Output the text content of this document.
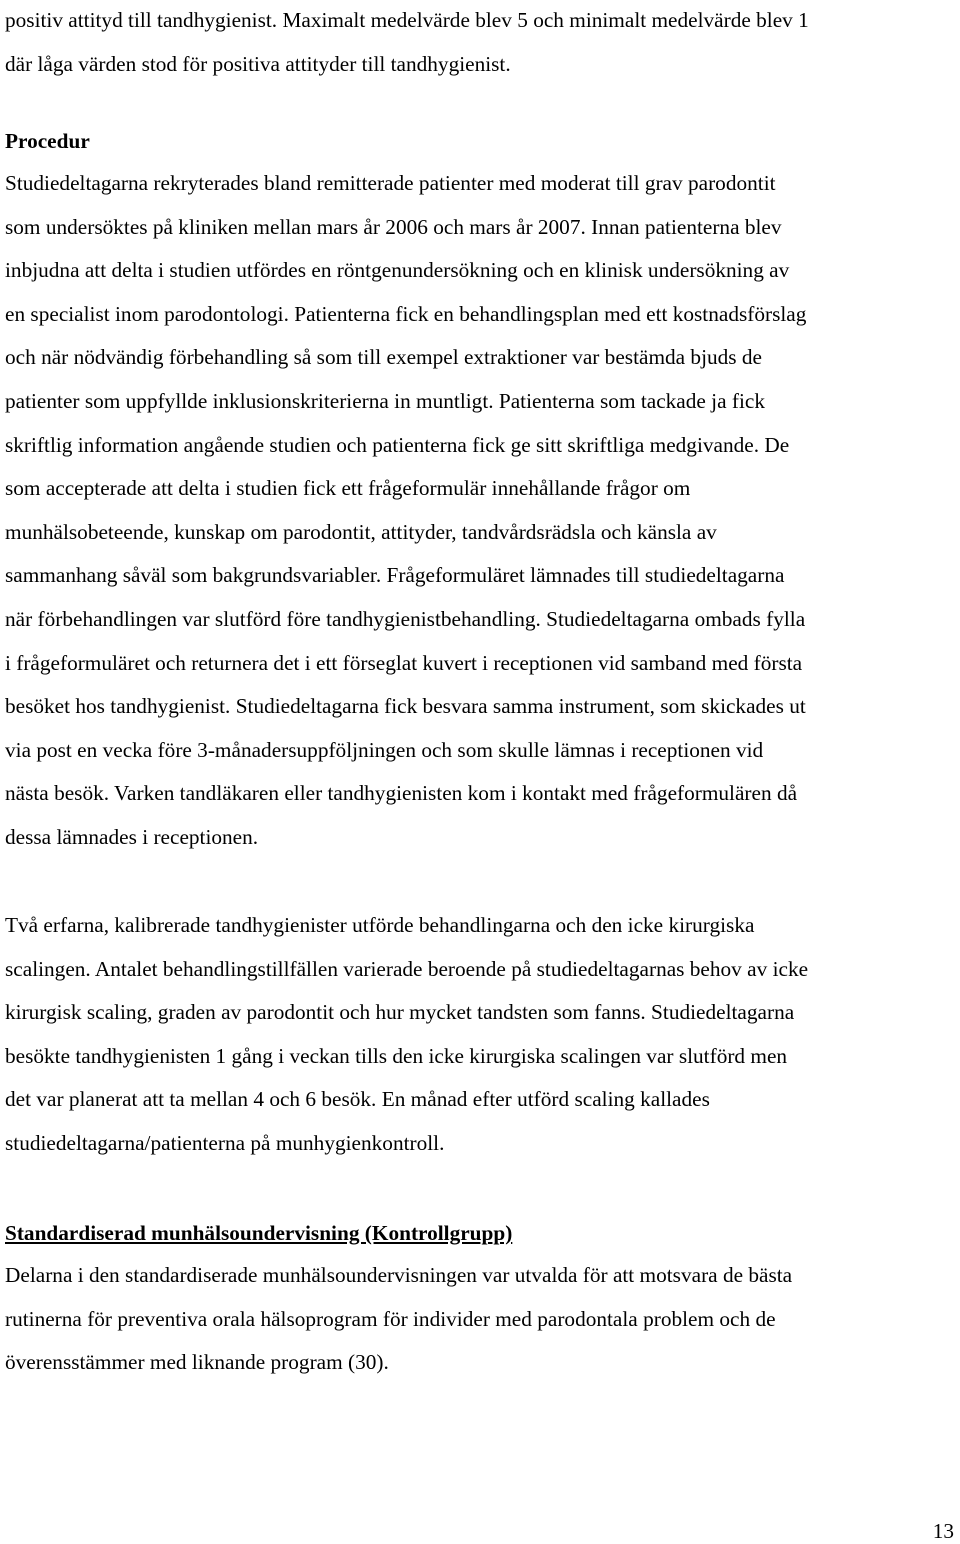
positiv attityd till tandhygienist. Maximalt medelvärde blev 5 och minimalt medelvärde blev 1
där låga värden stod för positiva attityder till tandhygienist.

Procedur

Studiedeltagarna rekryterades bland remitterade patienter med moderat till grav parodontit
som undersöktes på kliniken mellan mars år 2006 och mars år 2007. Innan patienterna blev
inbjudna att delta i studien utfördes en röntgenundersökning och en klinisk undersökning av
en specialist inom parodontologi. Patienterna fick en behandlingsplan med ett kostnadsförslag
och när nödvändig förbehandling så som till exempel extraktioner var bestämda bjuds de
patienter som uppfyllde inklusionskriterierna in muntligt. Patienterna som tackade ja fick
skriftlig information angående studien och patienterna fick ge sitt skriftliga medgivande. De
som accepterade att delta i studien fick ett frågeformulär innehållande frågor om
munhälsobeteende, kunskap om parodontit, attityder, tandvårdsrädsla och känsla av
sammanhang såväl som bakgrundsvariabler. Frågeformuläret lämnades till studiedeltagarna
när förbehandlingen var slutförd före tandhygienistbehandling. Studiedeltagarna ombads fylla
i frågeformuläret och returnera det i ett förseglat kuvert i receptionen vid samband med första
besöket hos tandhygienist. Studiedeltagarna fick besvara samma instrument, som skickades ut
via post en vecka före 3-månadersuppföljningen och som skulle lämnas i receptionen vid
nästa besök. Varken tandläkaren eller tandhygienisten kom i kontakt med frågeformulären då
dessa lämnades i receptionen.

Två erfarna, kalibrerade tandhygienister utförde behandlingarna och den icke kirurgiska
scalingen. Antalet behandlingstillfällen varierade beroende på studiedeltagarnas behov av icke
kirurgisk scaling, graden av parodontit och hur mycket tandsten som fanns. Studiedeltagarna
besökte tandhygienisten 1 gång i veckan tills den icke kirurgiska scalingen var slutförd men
det var planerat att ta mellan 4 och 6 besök. En månad efter utförd scaling kallades
studiedeltagarna/patienterna på munhygienkontroll.

Standardiserad munhälsoundervisning (Kontrollgrupp)

Delarna i den standardiserade munhälsoundervisningen var utvalda för att motsvara de bästa
rutinerna för preventiva orala hälsoprogram för individer med parodontala problem och de
överensstämmer med liknande program (30).

13
